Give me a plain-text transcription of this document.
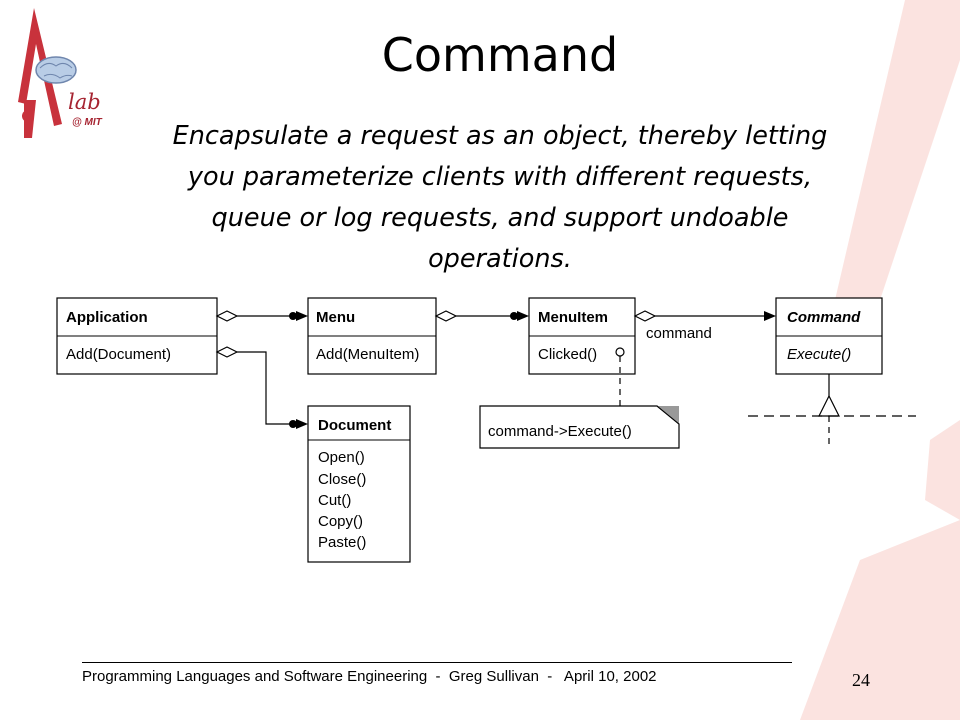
lab
@ MIT
Command
Encapsulate a request as an object, thereby letting
you parameterize clients with different requests,
queue or log requests, and support undoable
operations.
Application
Add(Document)
Menu
Add(MenuItem)
MenuItem
Clicked()
Command
Execute()
Document
Open()
Close()
Cut()
Copy()
Paste()
command
command->Execute()
Programming Languages and Software Engineering  -  Greg Sullivan  -   April 10, 2002	24
